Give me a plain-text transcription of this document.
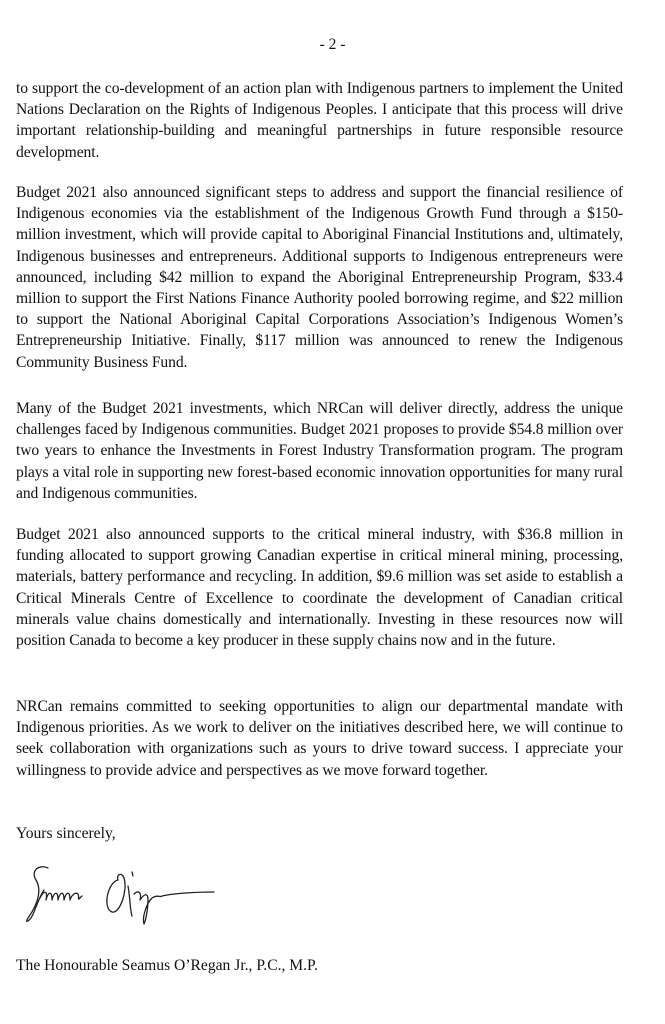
- 2 -

to support the co-development of an action plan with Indigenous partners to implement the United Nations Declaration on the Rights of Indigenous Peoples. I anticipate that this process will drive important relationship-building and meaningful partnerships in future responsible resource development.

Budget 2021 also announced significant steps to address and support the financial resilience of Indigenous economies via the establishment of the Indigenous Growth Fund through a $150-million investment, which will provide capital to Aboriginal Financial Institutions and, ultimately, Indigenous businesses and entrepreneurs. Additional supports to Indigenous entrepreneurs were announced, including $42 million to expand the Aboriginal Entrepreneurship Program, $33.4 million to support the First Nations Finance Authority pooled borrowing regime, and $22 million to support the National Aboriginal Capital Corporations Association’s Indigenous Women’s Entrepreneurship Initiative. Finally, $117 million was announced to renew the Indigenous Community Business Fund.

Many of the Budget 2021 investments, which NRCan will deliver directly, address the unique challenges faced by Indigenous communities. Budget 2021 proposes to provide $54.8 million over two years to enhance the Investments in Forest Industry Transformation program. The program plays a vital role in supporting new forest-based economic innovation opportunities for many rural and Indigenous communities.

Budget 2021 also announced supports to the critical mineral industry, with $36.8 million in funding allocated to support growing Canadian expertise in critical mineral mining, processing, materials, battery performance and recycling. In addition, $9.6 million was set aside to establish a Critical Minerals Centre of Excellence to coordinate the development of Canadian critical minerals value chains domestically and internationally. Investing in these resources now will position Canada to become a key producer in these supply chains now and in the future.

NRCan remains committed to seeking opportunities to align our departmental mandate with Indigenous priorities. As we work to deliver on the initiatives described here, we will continue to seek collaboration with organizations such as yours to drive toward success. I appreciate your willingness to provide advice and perspectives as we move forward together.

Yours sincerely,
The Honourable Seamus O’Regan Jr., P.C., M.P.
